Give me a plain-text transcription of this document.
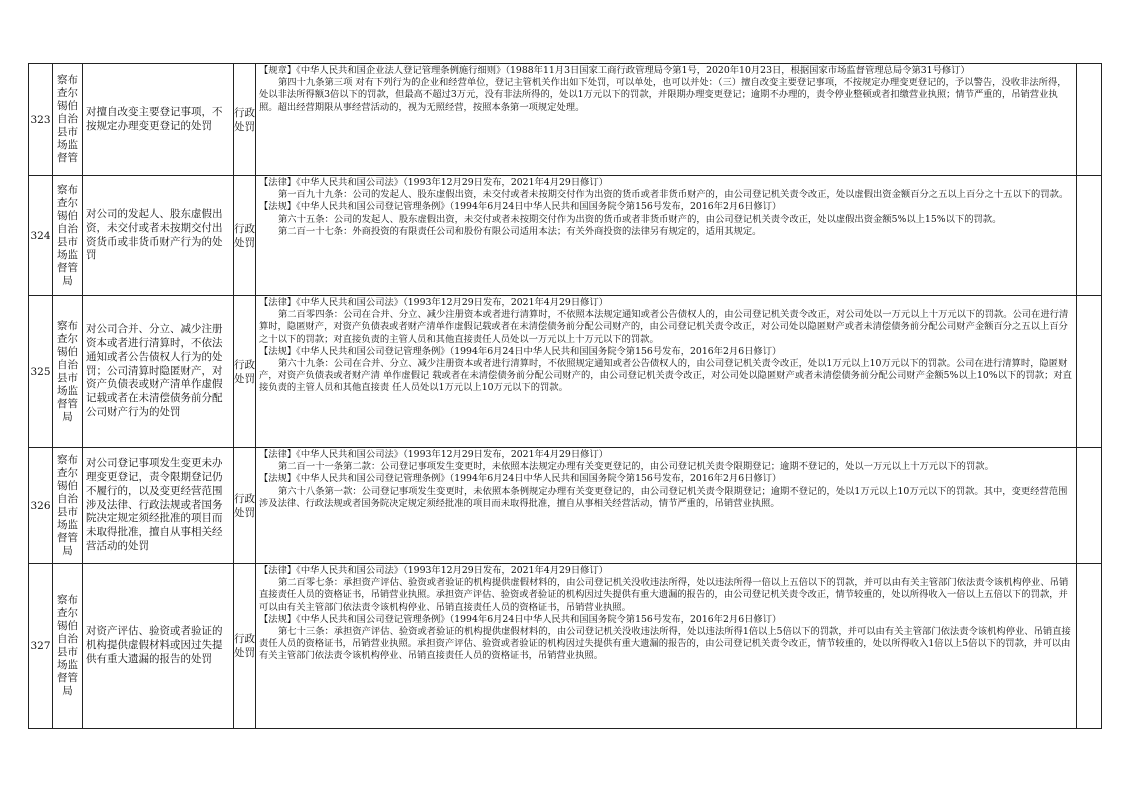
323	察布查尔锡伯自治县市场监督管	对擅自改变主要登记事项，不按规定办理变更登记的处罚	行政处罚	【规章】《中华人民共和国企业法人登记管理条例施行细则》（1988年11月3日国家工商行政管理局令第1号，2020年10月23日，根据国家市场监督管理总局令第31号修订）

第四十九条第三项 对有下列行为的企业和经营单位，登记主管机关作出如下处罚，可以单处，也可以并处：（三）擅自改变主要登记事项，不按规定办理变更登记的，予以警告，没收非法所得，处以非法所得额3倍以下的罚款，但最高不超过3万元，没有非法所得的，处以1万元以下的罚款，并限期办理变更登记；逾期不办理的，责令停业整顿或者扣缴营业执照；情节严重的，吊销营业执照。超出经营期限从事经营活动的，视为无照经营，按照本条第一项规定处理。	

324	察布查尔锡伯自治县市场监督管局	对公司的发起人、股东虚假出资，未交付或者未按期交付出资货币或非货币财产行为的处罚	行政处罚	【法律】《中华人民共和国公司法》（1993年12月29日发布，2021年4月29日修订）

第一百九十九条：公司的发起人、股东虚假出资，未交付或者未按期交付作为出资的货币或者非货币财产的，由公司登记机关责令改正，处以虚假出资金额百分之五以上百分之十五以下的罚款。

【法规】《中华人民共和国公司登记管理条例》（1994年6月24日中华人民共和国国务院令第156号发布，2016年2月6日修订）

第六十五条：公司的发起人、股东虚假出资，未交付或者未按期交付作为出资的货币或者非货币财产的，由公司登记机关责令改正，处以虚假出资金额5%以上15%以下的罚款。

第二百一十七条：外商投资的有限责任公司和股份有限公司适用本法；有关外商投资的法律另有规定的，适用其规定。	

325	察布查尔锡伯自治县市场监督管局	对公司合并、分立、减少注册资本或者进行清算时，不依法通知或者公告债权人行为的处罚；公司清算时隐匿财产，对资产负债表或财产清单作虚假记载或者在未清偿债务前分配公司财产行为的处罚	行政处罚	【法律】《中华人民共和国公司法》（1993年12月29日发布，2021年4月29日修订）

第二百零四条：公司在合并、分立、减少注册资本或者进行清算时，不依照本法规定通知或者公告债权人的，由公司登记机关责令改正，对公司处以一万元以上十万元以下的罚款。公司在进行清算时，隐匿财产，对资产负债表或者财产清单作虚假记载或者在未清偿债务前分配公司财产的，由公司登记机关责令改正，对公司处以隐匿财产或者未清偿债务前分配公司财产金额百分之五以上百分之十以下的罚款；对直接负责的主管人员和其他直接责任人员处以一万元以上十万元以下的罚款。

【法规】《中华人民共和国公司登记管理条例》（1994年6月24日中华人民共和国国务院令第156号发布，2016年2月6日修订）

第六十九条：公司在合并、分立、减少注册资本或者进行清算时，不依照规定通知或者公告债权人的，由公司登记机关责令改正，处以1万元以上10万元以下的罚款。公司在进行清算时，隐匿财产，对资产负债表或者财产清 单作虚假记 载或者在未清偿债务前分配公司财产的，由公司登记机关责令改正，对公司处以隐匿财产或者未清偿债务前分配公司财产金额5%以上10%以下的罚款；对直接负责的主管人员和其他直接责 任人员处以1万元以上10万元以下的罚款。	

326	察布查尔锡伯自治县市场监督管局	对公司登记事项发生变更未办理变更登记，责令限期登记仍不履行的，以及变更经营范围涉及法律、行政法规或者国务院决定规定须经批准的项目而未取得批准，擅自从事相关经营活动的处罚	行政处罚	【法律】《中华人民共和国公司法》（1993年12月29日发布，2021年4月29日修订）

第二百一十一条第二款：公司登记事项发生变更时，未依照本法规定办理有关变更登记的，由公司登记机关责令限期登记；逾期不登记的，处以一万元以上十万元以下的罚款。

【法规】《中华人民共和国公司登记管理条例》（1994年6月24日中华人民共和国国务院令第156号发布，2016年2月6日修订）

第六十八条第一款：公司登记事项发生变更时，未依照本条例规定办理有关变更登记的，由公司登记机关责令限期登记；逾期不登记的，处以1万元以上10万元以下的罚款。其中，变更经营范围涉及法律、行政法规或者国务院决定规定须经批准的项目而未取得批准，擅自从事相关经营活动，情节严重的，吊销营业执照。	

327	察布查尔锡伯自治县市场监督管局	对资产评估、验资或者验证的机构提供虚假材料或因过失提供有重大遗漏的报告的处罚	行政处罚	【法律】《中华人民共和国公司法》（1993年12月29日发布，2021年4月29日修订）

第二百零七条：承担资产评估、验资或者验证的机构提供虚假材料的，由公司登记机关没收违法所得，处以违法所得一倍以上五倍以下的罚款，并可以由有关主管部门依法责令该机构停业、吊销直接责任人员的资格证书，吊销营业执照。承担资产评估、验资或者验证的机构因过失提供有重大遗漏的报告的，由公司登记机关责令改正，情节较重的，处以所得收入一倍以上五倍以下的罚款，并可以由有关主管部门依法责令该机构停业、吊销直接责任人员的资格证书，吊销营业执照。

【法规】《中华人民共和国公司登记管理条例》（1994年6月24日中华人民共和国国务院令第156号发布，2016年2月6日修订）

第七十三条：承担资产评估、验资或者验证的机构提供虚假材料的，由公司登记机关没收违法所得，处以违法所得1倍以上5倍以下的罚款，并可以由有关主管部门依法责令该机构停业、吊销直接责任人员的资格证书，吊销营业执照。承担资产评估、验资或者验证的机构因过失提供有重大遗漏的报告的，由公司登记机关责令改正，情节较重的，处以所得收入1倍以上5倍以下的罚款，并可以由有关主管部门依法责令该机构停业、吊销直接责任人员的资格证书，吊销营业执照。	
